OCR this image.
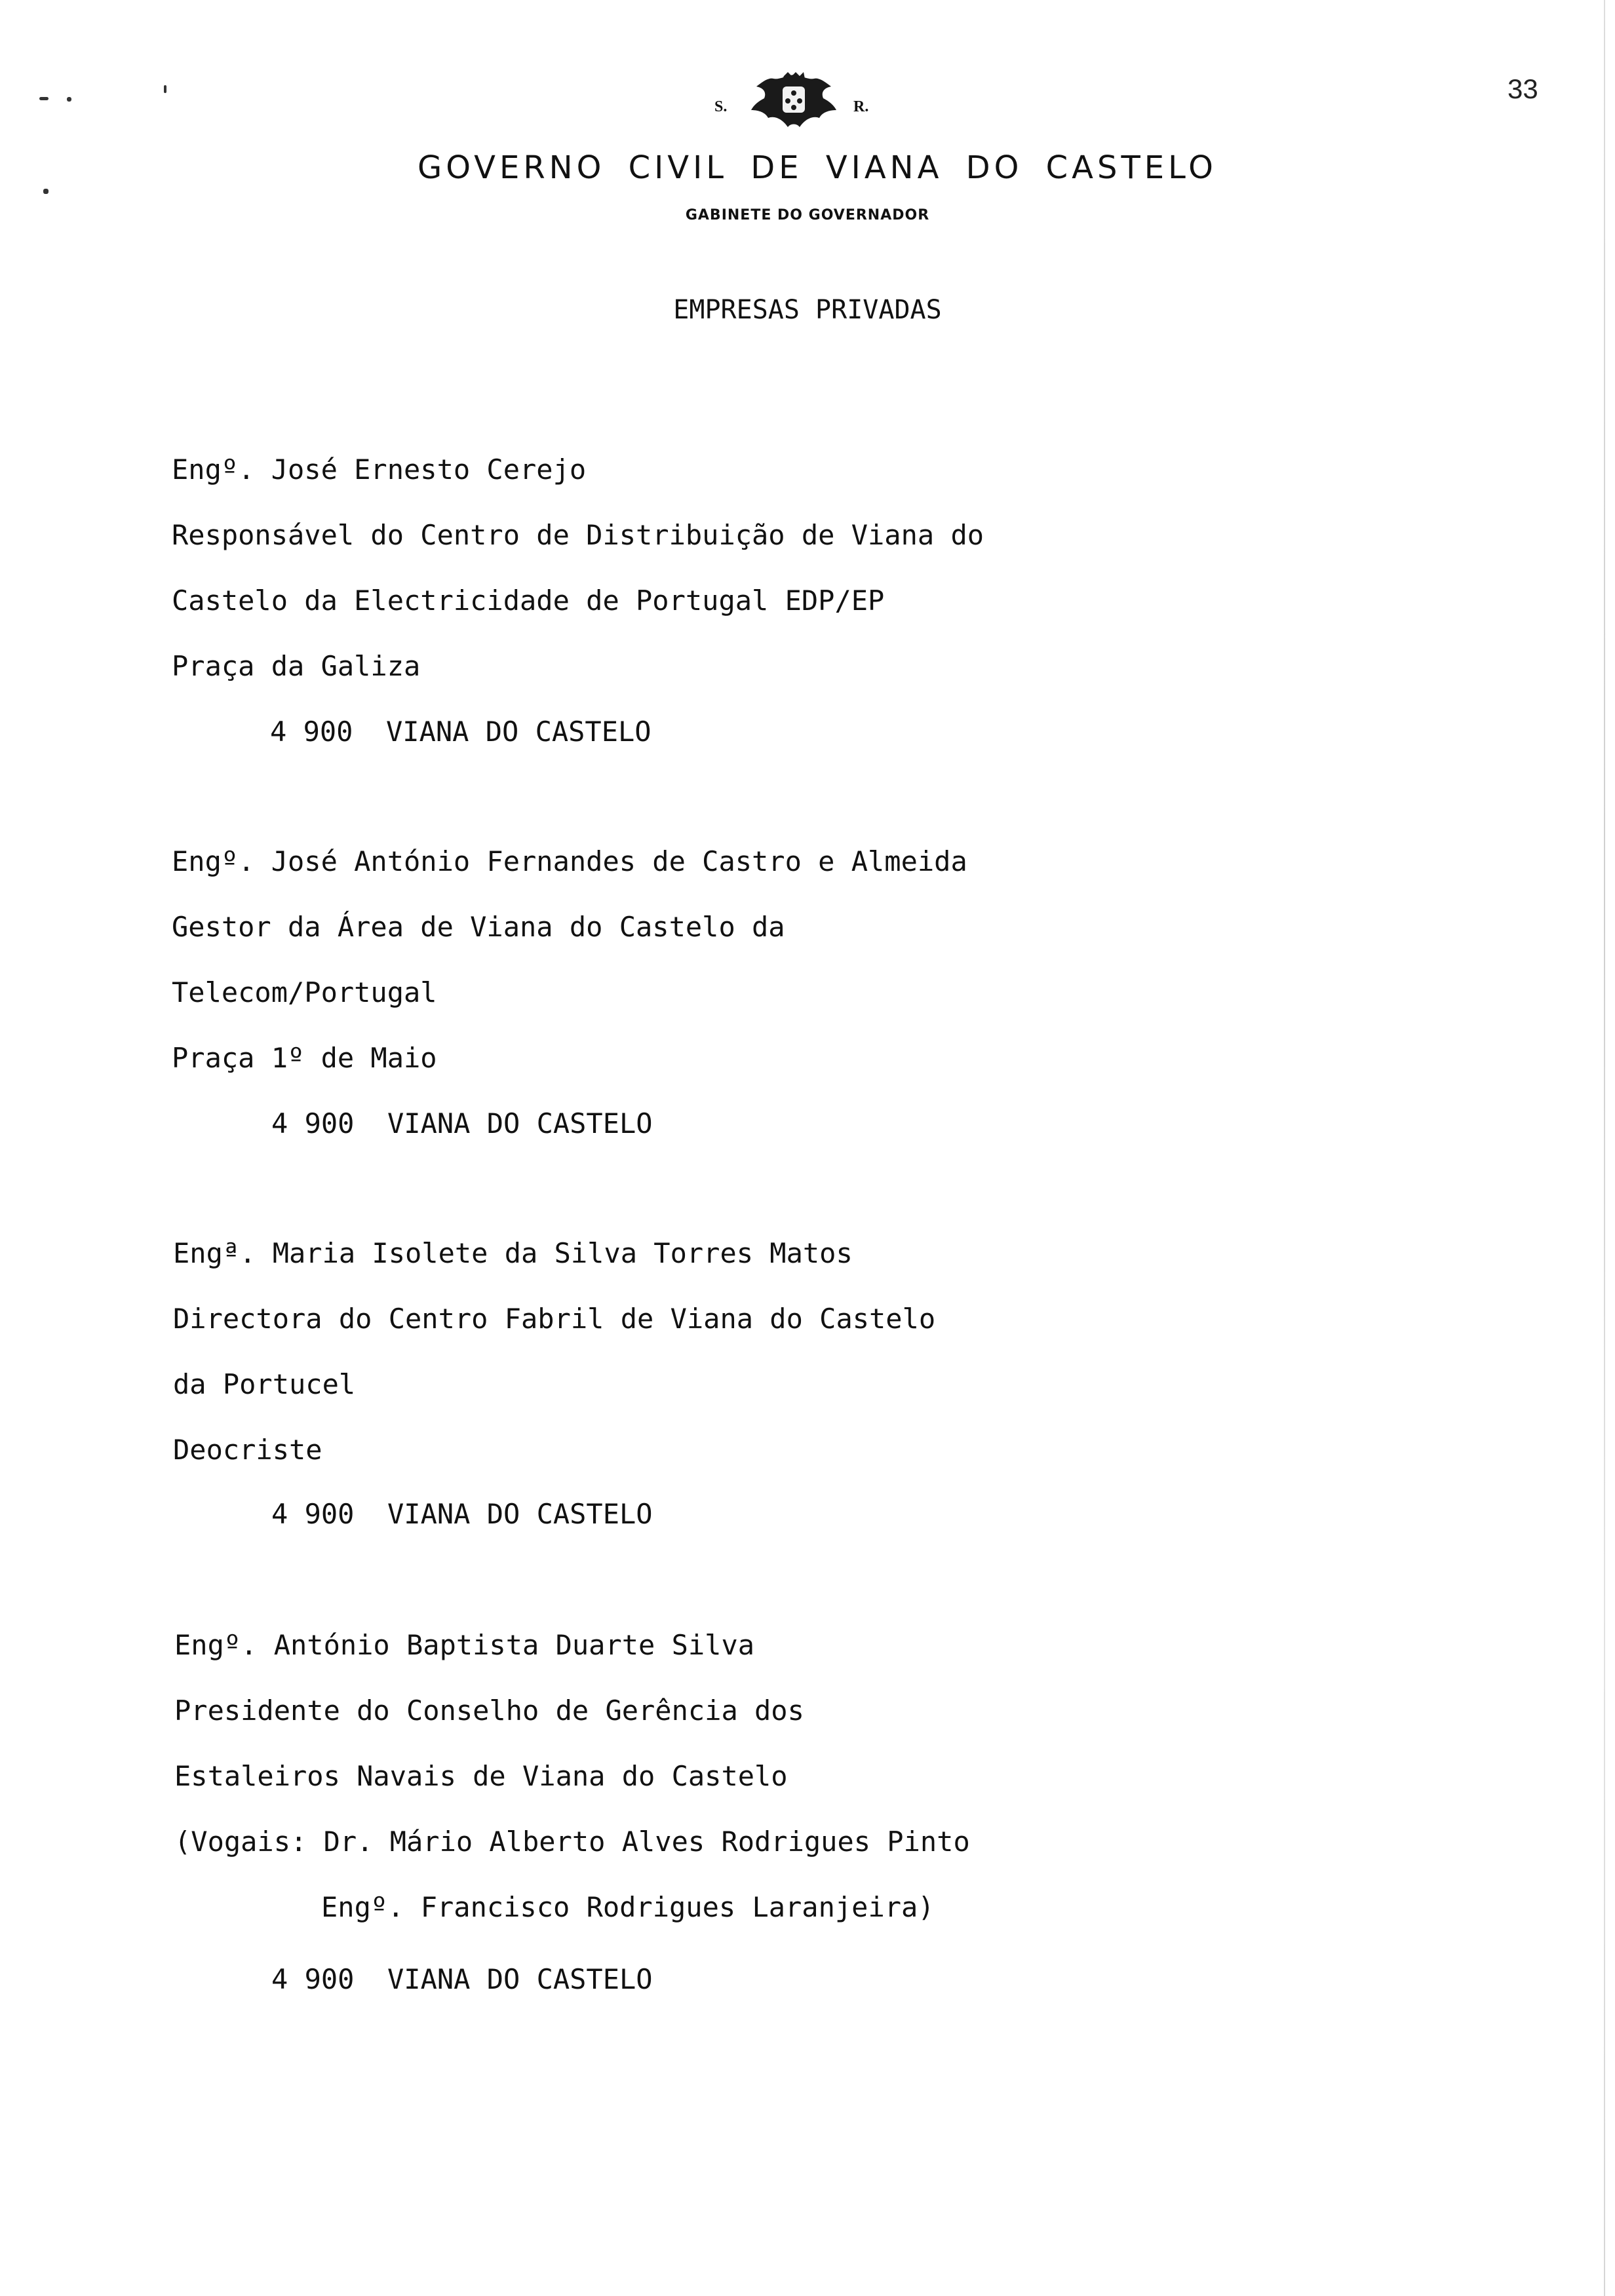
33
S.	R.
GOVERNO CIVIL DE VIANA DO CASTELO
GABINETE DO GOVERNADOR
EMPRESAS PRIVADAS
Engº. José Ernesto Cerejo
Responsável do Centro de Distribuição de Viana do
Castelo da Electricidade de Portugal EDP/EP
Praça da Galiza
4 900  VIANA DO CASTELO
Engº. José António Fernandes de Castro e Almeida
Gestor da Área de Viana do Castelo da
Telecom/Portugal
Praça 1º de Maio
4 900  VIANA DO CASTELO
Engª. Maria Isolete da Silva Torres Matos
Directora do Centro Fabril de Viana do Castelo
da Portucel
Deocriste
4 900  VIANA DO CASTELO
Engº. António Baptista Duarte Silva
Presidente do Conselho de Gerência dos
Estaleiros Navais de Viana do Castelo
(Vogais: Dr. Mário Alberto Alves Rodrigues Pinto
Engº. Francisco Rodrigues Laranjeira)
4 900  VIANA DO CASTELO
